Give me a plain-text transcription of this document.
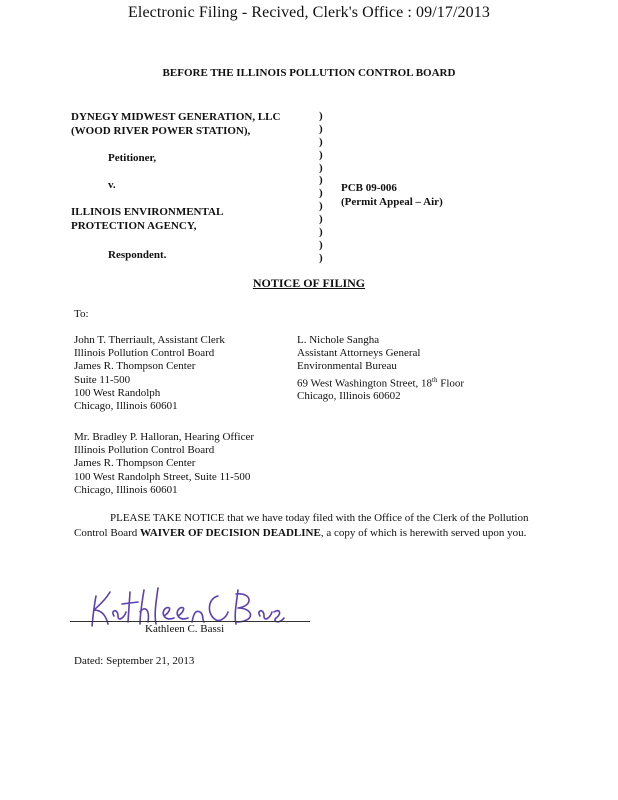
Electronic Filing - Recived, Clerk's Office : 09/17/2013
BEFORE THE ILLINOIS POLLUTION CONTROL BOARD
DYNEGY MIDWEST GENERATION, LLC
(WOOD RIVER POWER STATION),
Petitioner,
v.
ILLINOIS ENVIRONMENTAL
PROTECTION AGENCY,
Respondent.
)
)
)
)
)
)
)
)
)
)
)
)
PCB 09-006
(Permit Appeal – Air)
NOTICE OF FILING
To:
John T. Therriault, Assistant Clerk
Illinois Pollution Control Board
James R. Thompson Center
Suite 11-500
100 West Randolph
Chicago, Illinois 60601
L. Nichole Sangha
Assistant Attorneys General
Environmental Bureau
69 West Washington Street, 18th Floor
Chicago, Illinois 60602
Mr. Bradley P. Halloran, Hearing Officer
Illinois Pollution Control Board
James R. Thompson Center
100 West Randolph Street, Suite 11-500
Chicago, Illinois 60601
PLEASE TAKE NOTICE that we have today filed with the Office of the Clerk of the Pollution Control Board WAIVER OF DECISION DEADLINE, a copy of which is herewith served upon you.
Kathleen C. Bassi
Dated: September 21, 2013
